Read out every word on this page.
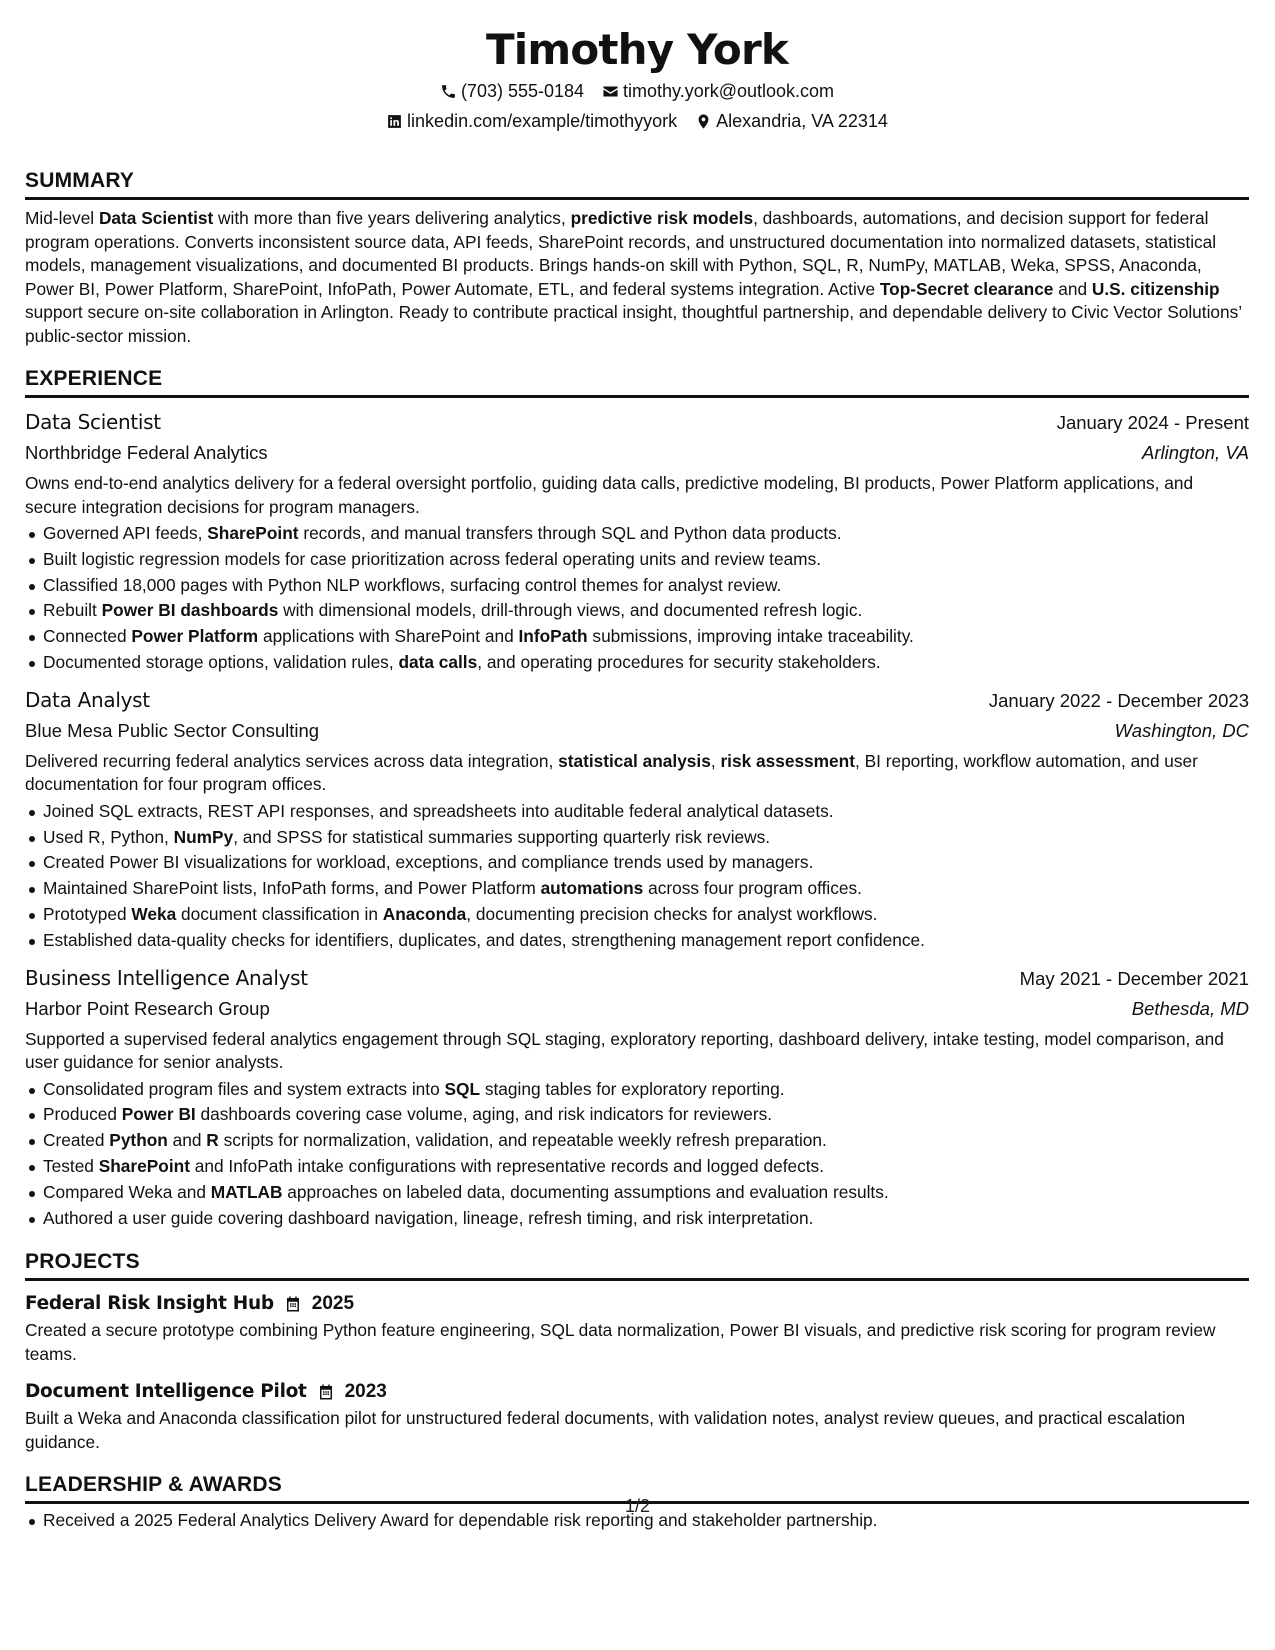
Timothy York
(703) 555-0184 timothy.york@outlook.com
linkedin.com/example/timothyyork Alexandria, VA 22314
SUMMARY

Mid-level Data Scientist with more than five years delivering analytics, predictive risk models, dashboards, automations, and decision support for federal program operations. Converts inconsistent source data, API feeds, SharePoint records, and unstructured documentation into normalized datasets, statistical models, management visualizations, and documented BI products. Brings hands-on skill with Python, SQL, R, NumPy, MATLAB, Weka, SPSS, Anaconda, Power BI, Power Platform, SharePoint, InfoPath, Power Automate, ETL, and federal systems integration. Active Top-Secret clearance and U.S. citizenship support secure on-site collaboration in Arlington. Ready to contribute practical insight, thoughtful partnership, and dependable delivery to Civic Vector Solutions’ public-sector mission.

EXPERIENCE
Data Scientist	January 2024 - Present
Northbridge Federal Analytics	Arlington, VA

Owns end-to-end analytics delivery for a federal oversight portfolio, guiding data calls, predictive modeling, BI products, Power Platform applications, and secure integration decisions for program managers.

Governed API feeds, SharePoint records, and manual transfers through SQL and Python data products.
Built logistic regression models for case prioritization across federal operating units and review teams.
Classified 18,000 pages with Python NLP workflows, surfacing control themes for analyst review.
Rebuilt Power BI dashboards with dimensional models, drill-through views, and documented refresh logic.
Connected Power Platform applications with SharePoint and InfoPath submissions, improving intake traceability.
Documented storage options, validation rules, data calls, and operating procedures for security stakeholders.
Data Analyst	January 2022 - December 2023
Blue Mesa Public Sector Consulting	Washington, DC

Delivered recurring federal analytics services across data integration, statistical analysis, risk assessment, BI reporting, workflow automation, and user documentation for four program offices.

Joined SQL extracts, REST API responses, and spreadsheets into auditable federal analytical datasets.
Used R, Python, NumPy, and SPSS for statistical summaries supporting quarterly risk reviews.
Created Power BI visualizations for workload, exceptions, and compliance trends used by managers.
Maintained SharePoint lists, InfoPath forms, and Power Platform automations across four program offices.
Prototyped Weka document classification in Anaconda, documenting precision checks for analyst workflows.
Established data-quality checks for identifiers, duplicates, and dates, strengthening management report confidence.
Business Intelligence Analyst	May 2021 - December 2021
Harbor Point Research Group	Bethesda, MD

Supported a supervised federal analytics engagement through SQL staging, exploratory reporting, dashboard delivery, intake testing, model comparison, and user guidance for senior analysts.

Consolidated program files and system extracts into SQL staging tables for exploratory reporting.
Produced Power BI dashboards covering case volume, aging, and risk indicators for reviewers.
Created Python and R scripts for normalization, validation, and repeatable weekly refresh preparation.
Tested SharePoint and InfoPath intake configurations with representative records and logged defects.
Compared Weka and MATLAB approaches on labeled data, documenting assumptions and evaluation results.
Authored a user guide covering dashboard navigation, lineage, refresh timing, and risk interpretation.
PROJECTS
Federal Risk Insight Hub 2025

Created a secure prototype combining Python feature engineering, SQL data normalization, Power BI visuals, and predictive risk scoring for program review teams.

Document Intelligence Pilot 2023

Built a Weka and Anaconda classification pilot for unstructured federal documents, with validation notes, analyst review queues, and practical escalation guidance.

LEADERSHIP & AWARDS
Received a 2025 Federal Analytics Delivery Award for dependable risk reporting and stakeholder partnership.
1/2
